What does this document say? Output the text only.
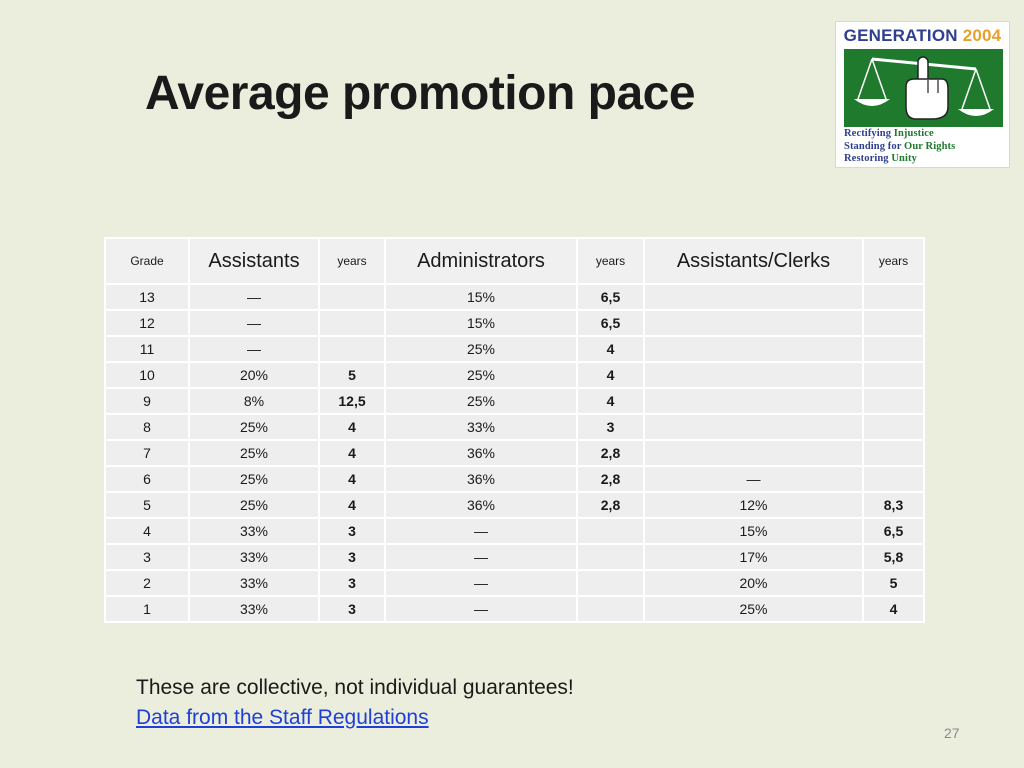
Average promotion pace
GENERATION 2004
Rectifying Injustice
Standing for Our Rights
Restoring Unity
Grade	Assistants	years	Administrators	years	Assistants/Clerks	years
13	—		15%	6,5		
12	—		15%	6,5		
11	—		25%	4		
10	20%	5	25%	4		
9	8%	12,5	25%	4		
8	25%	4	33%	3		
7	25%	4	36%	2,8		
6	25%	4	36%	2,8	—	
5	25%	4	36%	2,8	12%	8,3
4	33%	3	—		15%	6,5
3	33%	3	—		17%	5,8
2	33%	3	—		20%	5
1	33%	3	—		25%	4
These are collective, not individual guarantees!
Data from the Staff Regulations
27
